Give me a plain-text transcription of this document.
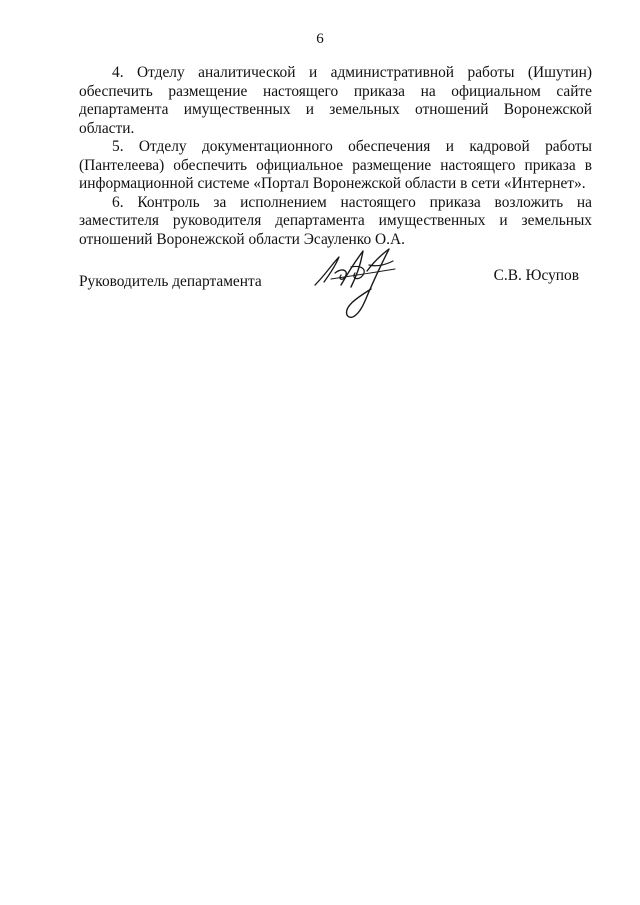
6

4. Отделу аналитической и административной работы (Ишутин) обеспечить размещение настоящего приказа на официальном сайте департамента имущественных и земельных отношений Воронежской области.

5. Отделу документационного обеспечения и кадровой работы (Пантелеева) обеспечить официальное размещение настоящего приказа в информационной системе «Портал Воронежской области в сети «Интернет».

6. Контроль за исполнением настоящего приказа возложить на заместителя руководителя департамента имущественных и земельных отношений Воронежской области Эсауленко О.А.

Руководитель департамента	С.В. Юсупов
